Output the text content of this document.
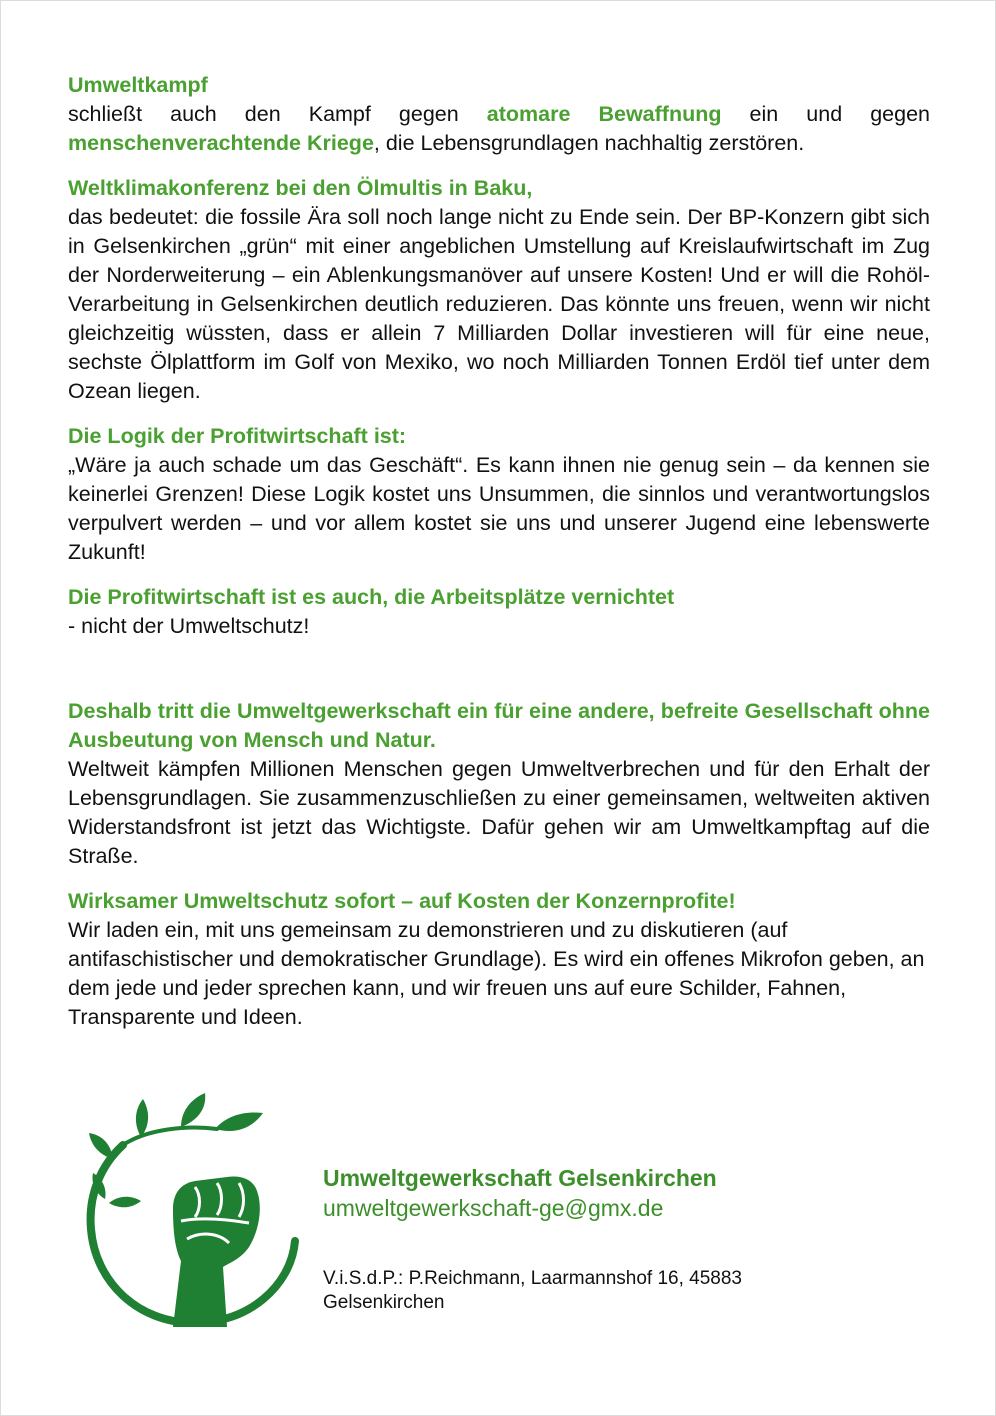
Umweltkampf
schließt auch den Kampf gegen atomare Bewaffnung ein und gegen menschenverachtende Kriege, die Lebensgrundlagen nachhaltig zerstören.
Weltklimakonferenz bei den Ölmultis in Baku,
das bedeutet: die fossile Ära soll noch lange nicht zu Ende sein. Der BP-Konzern gibt sich in Gelsenkirchen „grün“ mit einer angeblichen Umstellung auf Kreislaufwirtschaft im Zug der Norderweiterung – ein Ablenkungsmanöver auf unsere Kosten! Und er will die Rohöl-Verarbeitung in Gelsenkirchen deutlich reduzieren. Das könnte uns freuen, wenn wir nicht gleichzeitig wüssten, dass er allein 7 Milliarden Dollar investieren will für eine neue, sechste Ölplattform im Golf von Mexiko, wo noch Milliarden Tonnen Erdöl tief unter dem Ozean liegen.
Die Logik der Profitwirtschaft ist:
„Wäre ja auch schade um das Geschäft“. Es kann ihnen nie genug sein – da kennen sie keinerlei Grenzen! Diese Logik kostet uns Unsummen, die sinnlos und verantwortungslos verpulvert werden – und vor allem kostet sie uns und unserer Jugend eine lebenswerte Zukunft!
Die Profitwirtschaft ist es auch, die Arbeitsplätze vernichtet
- nicht der Umweltschutz!
Deshalb tritt die Umweltgewerkschaft ein für eine andere, befreite Gesellschaft ohne Ausbeutung von Mensch und Natur.
Weltweit kämpfen Millionen Menschen gegen Umweltverbrechen und für den Erhalt der Lebensgrundlagen. Sie zusammenzuschließen zu einer gemeinsamen, weltweiten aktiven Widerstandsfront ist jetzt das Wichtigste. Dafür gehen wir am Umweltkampftag auf die Straße.
Wirksamer Umweltschutz sofort – auf Kosten der Konzernprofite!
Wir laden ein, mit uns gemeinsam zu demonstrieren und zu diskutieren (auf antifaschistischer und demokratischer Grundlage). Es wird ein offenes Mikrofon geben, an dem jede und jeder sprechen kann, und wir freuen uns auf eure Schilder, Fahnen, Transparente und Ideen.
Umweltgewerkschaft Gelsenkirchen
umweltgewerkschaft-ge@gmx.de
V.i.S.d.P.: P.Reichmann, Laarmannshof 16, 45883
Gelsenkirchen
